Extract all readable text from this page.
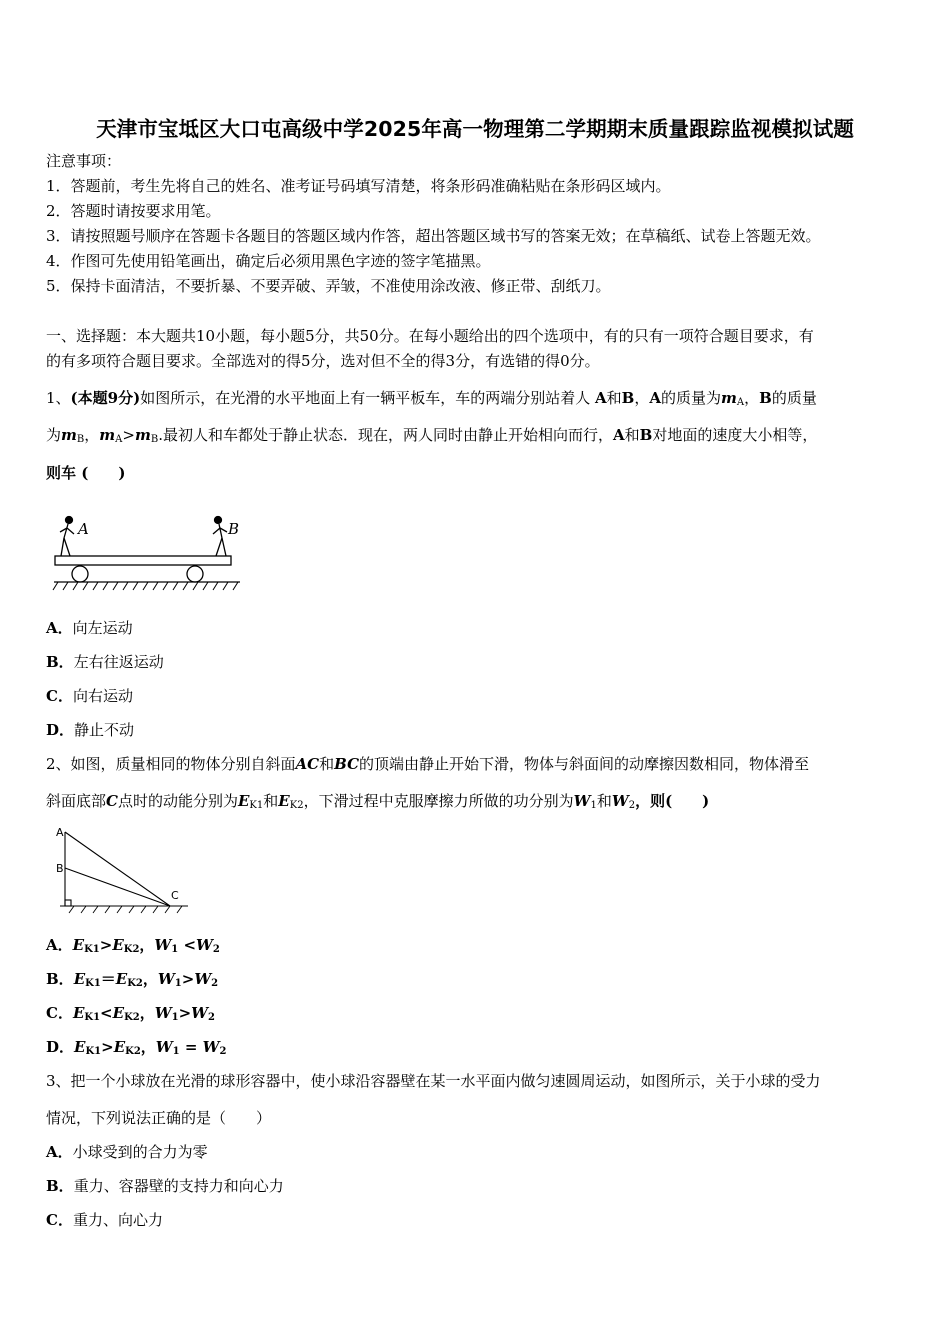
天津市宝坻区大口屯高级中学2025年高一物理第二学期期末质量跟踪监视模拟试题
注意事项：
1．答题前，考生先将自己的姓名、准考证号码填写清楚，将条形码准确粘贴在条形码区域内。
2．答题时请按要求用笔。
3．请按照题号顺序在答题卡各题目的答题区域内作答，超出答题区域书写的答案无效；在草稿纸、试卷上答题无效。
4．作图可先使用铅笔画出，确定后必须用黑色字迹的签字笔描黑。
5．保持卡面清洁，不要折暴、不要弄破、弄皱，不准使用涂改液、修正带、刮纸刀。
一、选择题：本大题共10小题，每小题5分，共50分。在每小题给出的四个选项中，有的只有一项符合题目要求，有
的有多项符合题目要求。全部选对的得5分，选对但不全的得3分，有选错的得0分。
1、(本题9分)如图所示，在光滑的水平地面上有一辆平板车，车的两端分别站着人 A和B，A的质量为$m_A$，B的质量
为$m_B$，$m_A>m_B$.最初人和车都处于静止状态．现在，两人同时由静止开始相向而行，A和B对地面的速度大小相等，
则车 (　　)
A	B
A．向左运动
B．左右往返运动
C．向右运动
D．静止不动
2、如图，质量相同的物体分别自斜面AC和BC的顶端由静止开始下滑，物体与斜面间的动摩擦因数相同，物体滑至
斜面底部C点时的动能分别为$E_{K1}$和$E_{K2}$，下滑过程中克服摩擦力所做的功分别为$W_1$和$W_2$，则(　　)
A
B
C
A．$E_{K1}>E_{K2}$，$W_1 <W_2$
B．$E_{K1}=E_{K2}$，$W_1>W_2$
C．$E_{K1}<E_{K2}$，$W_1>W_2$
D．$E_{K1}>E_{K2}$，$W_1 = W_2$
3、把一个小球放在光滑的球形容器中，使小球沿容器壁在某一水平面内做匀速圆周运动，如图所示，关于小球的受力
情况，下列说法正确的是（　　）
A．小球受到的合力为零
B．重力、容器壁的支持力和向心力
C．重力、向心力
